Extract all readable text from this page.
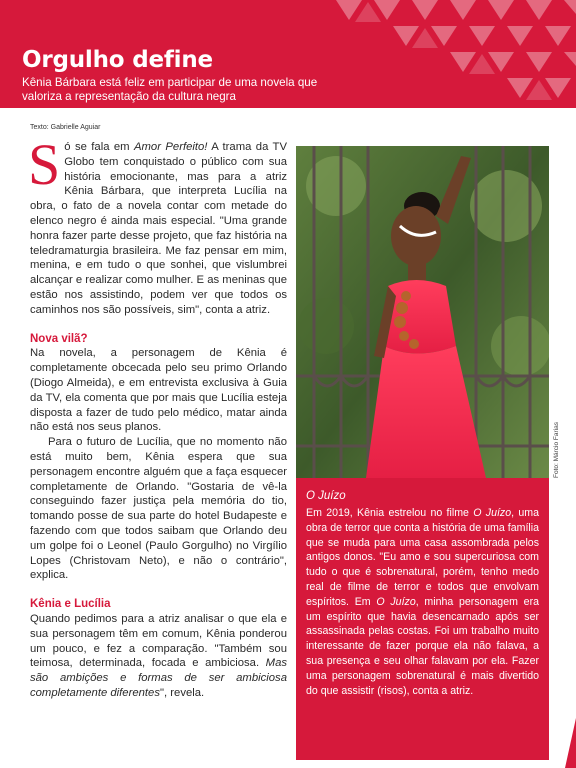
Orgulho define
Kênia Bárbara está feliz em participar de uma novela que valoriza a representação da cultura negra
Texto: Gabrielle Aguiar

Só se fala em Amor Perfeito! A trama da TV Globo tem conquistado o público com sua história emocionante, mas para a atriz Kênia Bárbara, que interpreta Lucília na obra, o fato de a novela contar com metade do elenco negro é ainda mais especial. "Uma grande honra fazer parte desse projeto, que faz história na teledramaturgia brasileira. Me faz pensar em mim, menina, e em tudo o que sonhei, que vislumbrei alcançar e realizar como mulher. E as meninas que estão nos assistindo, podem ver que todos os caminhos nos são possíveis, sim", conta a atriz.

Nova vilã?

Na novela, a personagem de Kênia é completamente obcecada pelo seu primo Orlando (Diogo Almeida), e em entrevista exclusiva à Guia da TV, ela comenta que por mais que Lucília esteja disposta a fazer de tudo pelo médico, matar ainda não está nos seus planos.

Para o futuro de Lucília, que no momento não está muito bem, Kênia espera que sua personagem encontre alguém que a faça esquecer completamente de Orlando. "Gostaria de vê-la conseguindo fazer justiça pela memória do tio, tomando posse de sua parte do hotel Budapeste e fazendo com que todos saibam que Orlando deu um golpe foi o Leonel (Paulo Gorgulho) no Virgílio Lopes (Christovam Neto), e não o contrário", explica.

Kênia e Lucília

Quando pedimos para a atriz analisar o que ela e sua personagem têm em comum, Kênia ponderou um pouco, e fez a comparação. "Também sou teimosa, determinada, focada e ambiciosa. Mas são ambições e formas de ser ambiciosa completamente diferentes", revela.

Foto: Márcio Farias
O Juízo
Em 2019, Kênia estrelou no filme O Juízo, uma obra de terror que conta a história de uma família que se muda para uma casa assombrada pelos antigos donos. "Eu amo e sou supercuriosa com tudo o que é sobrenatural, porém, tenho medo real de filme de terror e todos que envolvam espíritos. Em O Juízo, minha personagem era um espírito que havia desencarnado após ser assassinada pelas costas. Foi um trabalho muito interessante de fazer porque ela não falava, a sua presença e seu olhar falavam por ela. Fazer uma personagem sobrenatural é mais divertido do que assistir (risos), conta a atriz.
